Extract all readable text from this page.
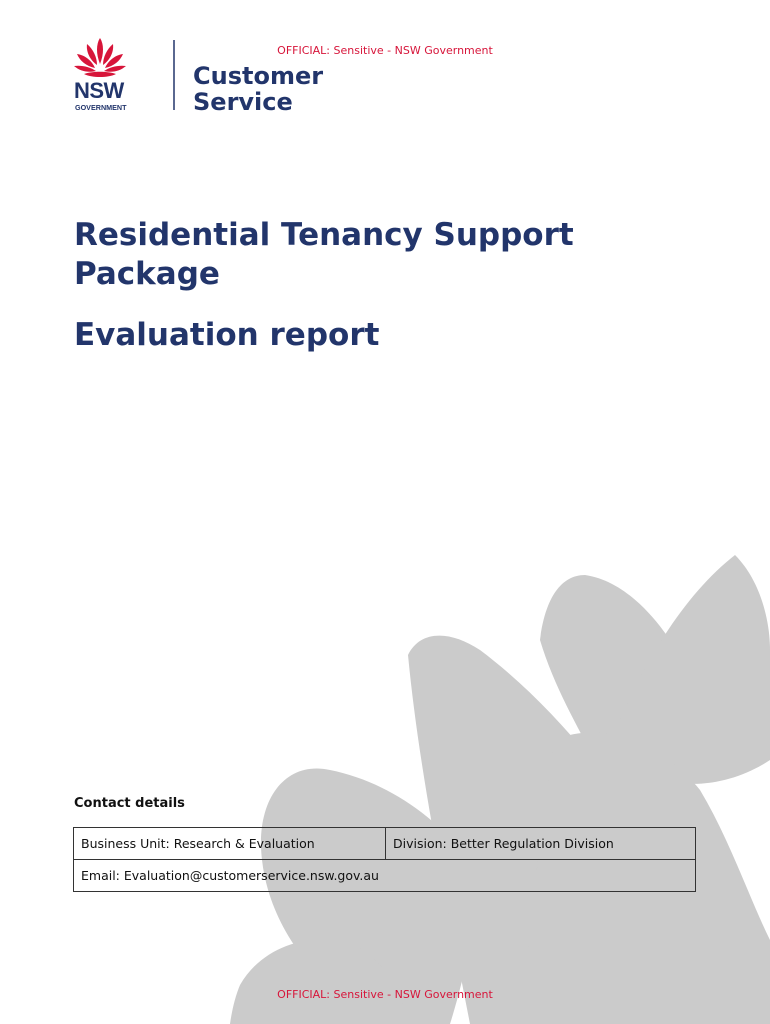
OFFICIAL: Sensitive - NSW Government
NSW
GOVERNMENT
Customer
Service
Residential Tenancy Support Package
Evaluation report
Contact details
Business Unit: Research & Evaluation	Division: Better Regulation Division
Email: Evaluation@customerservice.nsw.gov.au
OFFICIAL: Sensitive - NSW Government
